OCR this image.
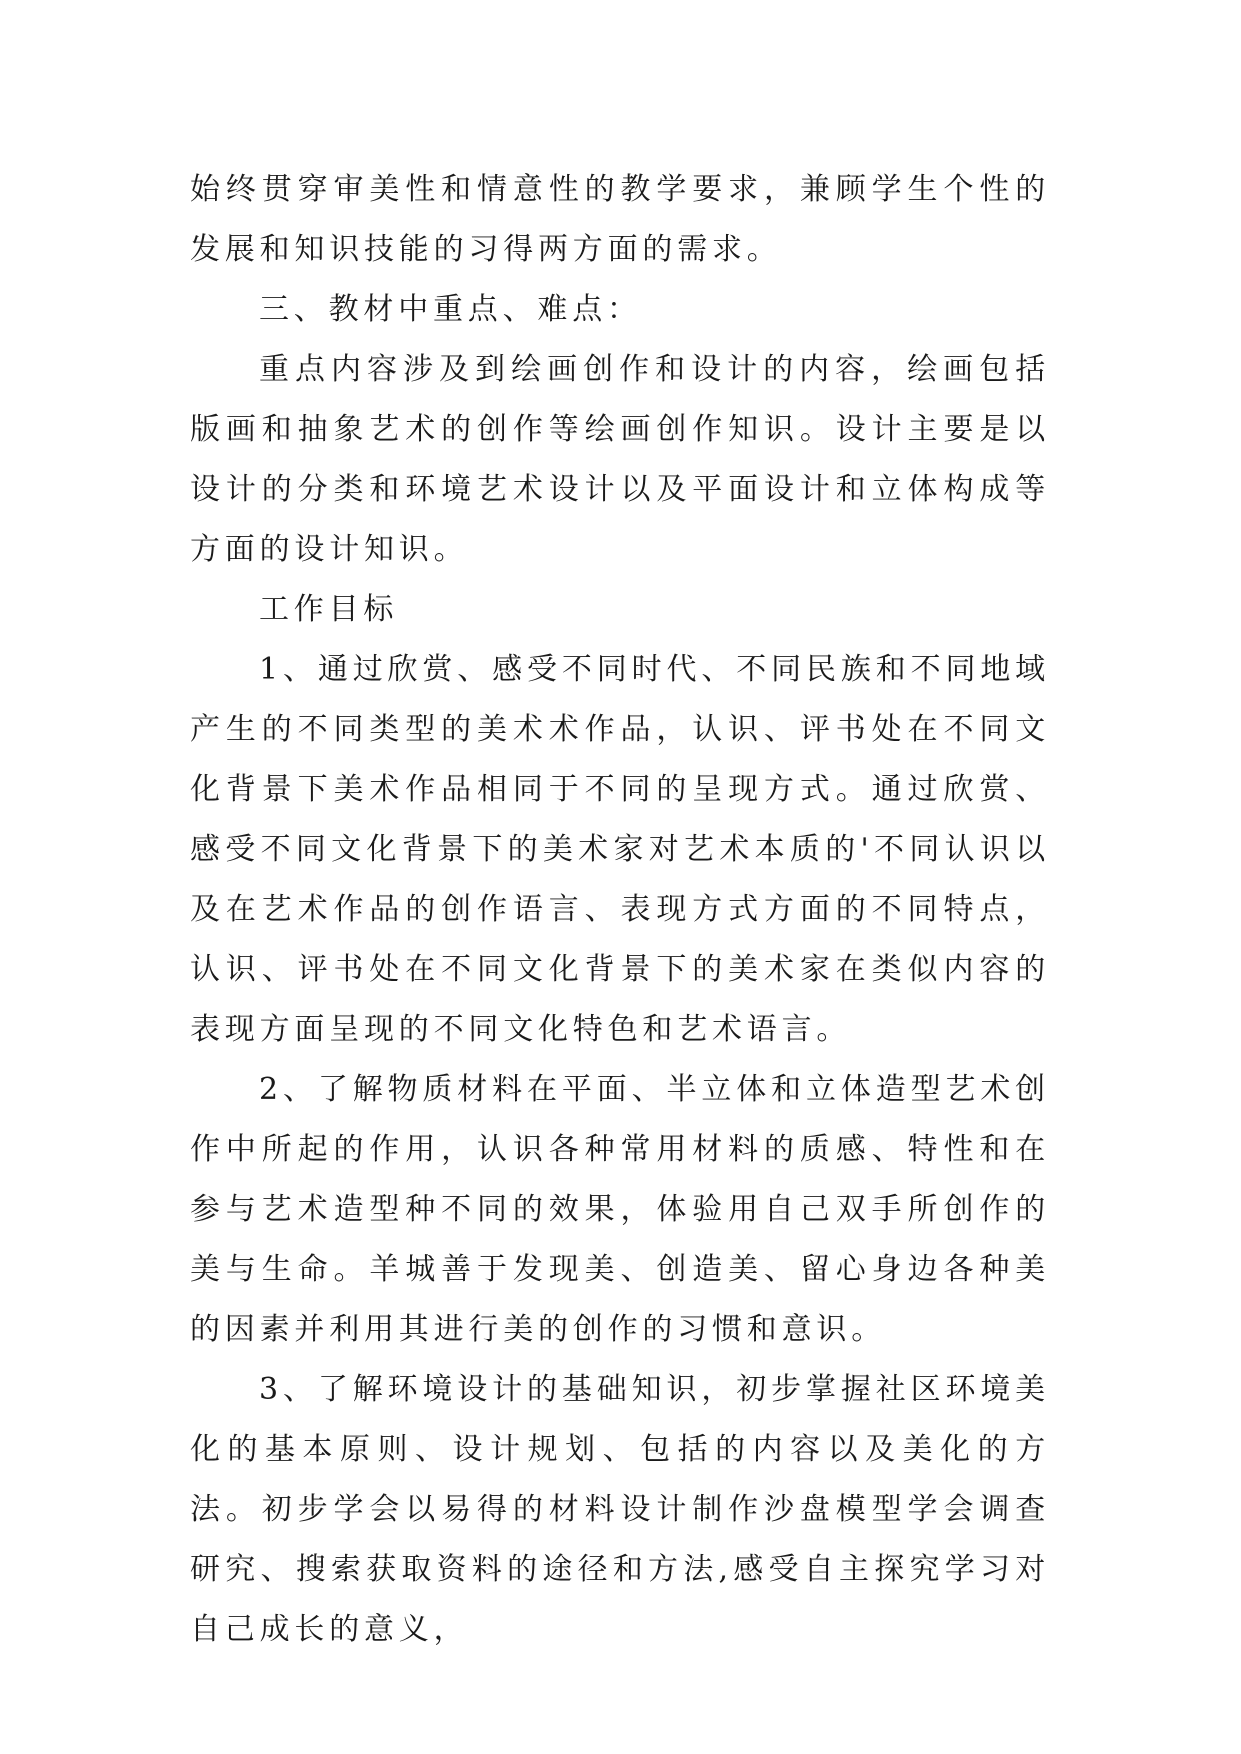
始终贯穿审美性和情意性的教学要求，兼顾学生个性的发展和知识技能的习得两方面的需求。

三、教材中重点、难点：

重点内容涉及到绘画创作和设计的内容，绘画包括版画和抽象艺术的创作等绘画创作知识。设计主要是以设计的分类和环境艺术设计以及平面设计和立体构成等方面的设计知识。

工作目标

1、通过欣赏、感受不同时代、不同民族和不同地域产生的不同类型的美术术作品，认识、评书处在不同文化背景下美术作品相同于不同的呈现方式。通过欣赏、感受不同文化背景下的美术家对艺术本质的'不同认识以及在艺术作品的创作语言、表现方式方面的不同特点，认识、评书处在不同文化背景下的美术家在类似内容的表现方面呈现的不同文化特色和艺术语言。

2、了解物质材料在平面、半立体和立体造型艺术创作中所起的作用，认识各种常用材料的质感、特性和在参与艺术造型种不同的效果，体验用自己双手所创作的美与生命。羊城善于发现美、创造美、留心身边各种美的因素并利用其进行美的创作的习惯和意识。

3、了解环境设计的基础知识，初步掌握社区环境美化的基本原则、设计规划、包括的内容以及美化的方法。初步学会以易得的材料设计制作沙盘模型学会调查研究、搜索获取资料的途径和方法,感受自主探究学习对自己成长的意义，
